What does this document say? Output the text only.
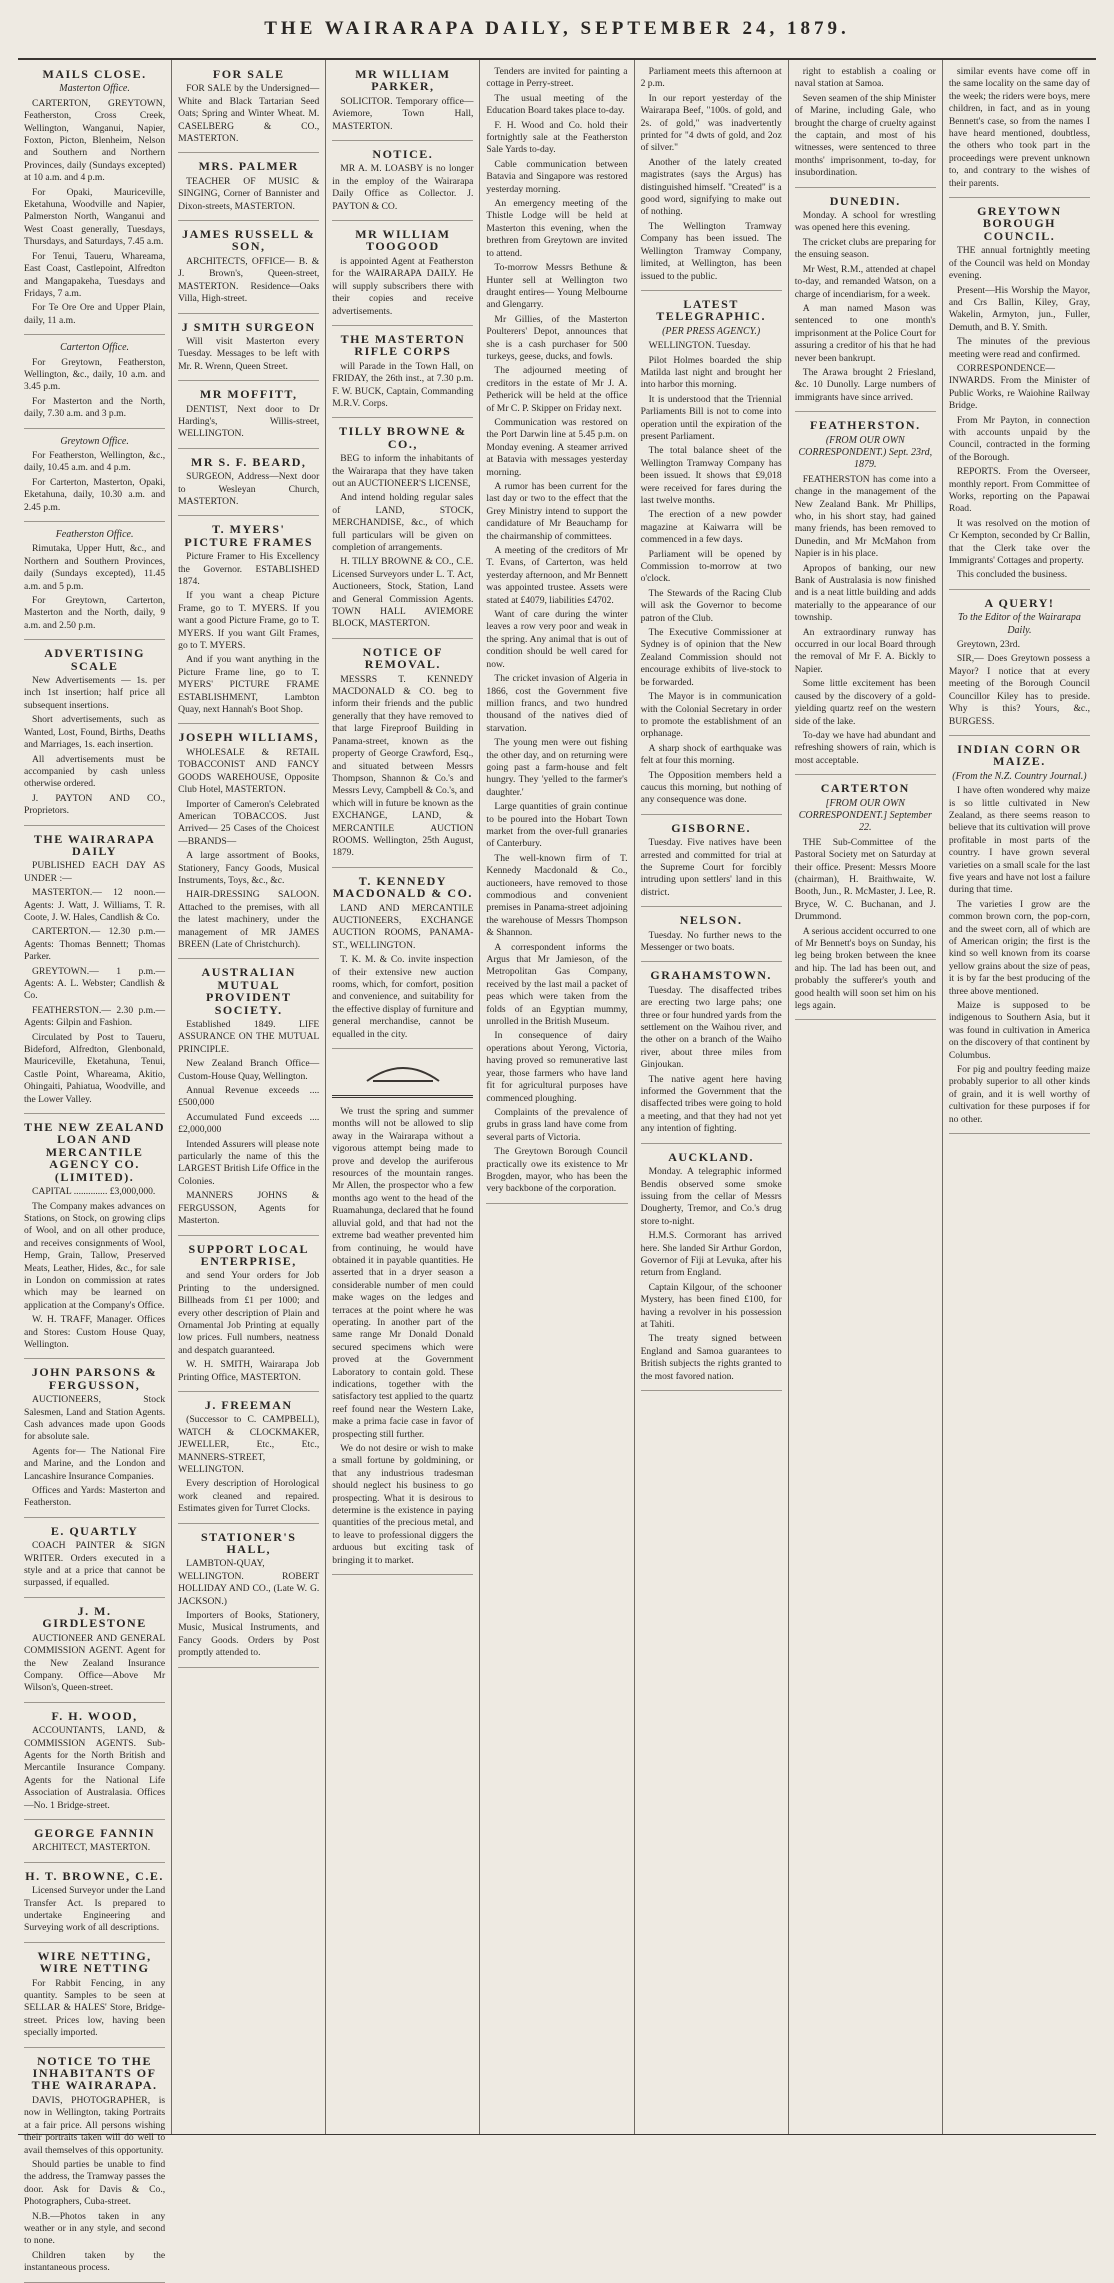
THE WAIRARAPA DAILY, SEPTEMBER 24, 1879.
MAILS CLOSE.
Masterton Office.

CARTERTON, GREYTOWN, Featherston, Cross Creek, Wellington, Wanganui, Napier, Foxton, Picton, Blenheim, Nelson and Southern and Northern Provinces, daily (Sundays excepted) at 10 a.m. and 4 p.m.

For Opaki, Mauriceville, Eketahuna, Woodville and Napier, Palmerston North, Wanganui and West Coast generally, Tuesdays, Thursdays, and Saturdays, 7.45 a.m.

For Tenui, Taueru, Whareama, East Coast, Castlepoint, Alfredton and Mangapakeha, Tuesdays and Fridays, 7 a.m.

For Te Ore Ore and Upper Plain, daily, 11 a.m.

Carterton Office.

For Greytown, Featherston, Wellington, &c., daily, 10 a.m. and 3.45 p.m.

For Masterton and the North, daily, 7.30 a.m. and 3 p.m.

Greytown Office.

For Featherston, Wellington, &c., daily, 10.45 a.m. and 4 p.m.

For Carterton, Masterton, Opaki, Eketahuna, daily, 10.30 a.m. and 2.45 p.m.

Featherston Office.

Rimutaka, Upper Hutt, &c., and Northern and Southern Provinces, daily (Sundays excepted), 11.45 a.m. and 5 p.m.

For Greytown, Carterton, Masterton and the North, daily, 9 a.m. and 2.50 p.m.

ADVERTISING SCALE

New Advertisements — 1s. per inch 1st insertion; half price all subsequent insertions.

Short advertisements, such as Wanted, Lost, Found, Births, Deaths and Marriages, 1s. each insertion.

All advertisements must be accompanied by cash unless otherwise ordered.

J. PAYTON AND CO., Proprietors.

THE WAIRARAPA DAILY

PUBLISHED EACH DAY AS UNDER :—

MASTERTON.— 12 noon.— Agents: J. Watt, J. Williams, T. R. Coote, J. W. Hales, Candlish & Co.

CARTERTON.— 12.30 p.m.— Agents: Thomas Bennett; Thomas Parker.

GREYTOWN.— 1 p.m.— Agents: A. L. Webster; Candlish & Co.

FEATHERSTON.— 2.30 p.m.— Agents: Gilpin and Fashion.

Circulated by Post to Taueru, Bideford, Alfredton, Glenbonald, Mauriceville, Eketahuna, Tenui, Castle Point, Whareama, Akitio, Ohingaiti, Pahiatua, Woodville, and the Lower Valley.

THE NEW ZEALAND LOAN AND MERCANTILE AGENCY CO. (LIMITED).

CAPITAL .............. £3,000,000.

The Company makes advances on Stations, on Stock, on growing clips of Wool, and on all other produce, and receives consignments of Wool, Hemp, Grain, Tallow, Preserved Meats, Leather, Hides, &c., for sale in London on commission at rates which may be learned on application at the Company's Office.

W. H. TRAFF, Manager. Offices and Stores: Custom House Quay, Wellington.

JOHN PARSONS & FERGUSSON,

AUCTIONEERS, Stock Salesmen, Land and Station Agents. Cash advances made upon Goods for absolute sale.

Agents for— The National Fire and Marine, and the London and Lancashire Insurance Companies.

Offices and Yards: Masterton and Featherston.

E. QUARTLY

COACH PAINTER & SIGN WRITER. Orders executed in a style and at a price that cannot be surpassed, if equalled.

J. M. GIRDLESTONE

AUCTIONEER AND GENERAL COMMISSION AGENT. Agent for the New Zealand Insurance Company. Office—Above Mr Wilson's, Queen-street.

F. H. WOOD,

ACCOUNTANTS, LAND, & COMMISSION AGENTS. Sub-Agents for the North British and Mercantile Insurance Company. Agents for the National Life Association of Australasia. Offices—No. 1 Bridge-street.

GEORGE FANNIN

ARCHITECT, MASTERTON.

H. T. BROWNE, C.E.

Licensed Surveyor under the Land Transfer Act. Is prepared to undertake Engineering and Surveying work of all descriptions.

WIRE NETTING, WIRE NETTING

For Rabbit Fencing, in any quantity. Samples to be seen at SELLAR & HALES' Store, Bridge-street. Prices low, having been specially imported.

NOTICE TO THE INHABITANTS OF THE WAIRARAPA.

DAVIS, PHOTOGRAPHER, is now in Wellington, taking Portraits at a fair price. All persons wishing their portraits taken will do well to avail themselves of this opportunity.

Should parties be unable to find the address, the Tramway passes the door. Ask for Davis & Co., Photographers, Cuba-street.

N.B.—Photos taken in any weather or in any style, and second to none.

Children taken by the instantaneous process.

FOR SALE

FOR SALE by the Undersigned— White and Black Tartarian Seed Oats; Spring and Winter Wheat. M. CASELBERG & CO., MASTERTON.

MRS. PALMER

TEACHER OF MUSIC & SINGING, Corner of Bannister and Dixon-streets, MASTERTON.

JAMES RUSSELL & SON,

ARCHITECTS, OFFICE— B. & J. Brown's, Queen-street, MASTERTON. Residence—Oaks Villa, High-street.

J SMITH SURGEON

Will visit Masterton every Tuesday. Messages to be left with Mr. R. Wrenn, Queen Street.

MR MOFFITT,

DENTIST, Next door to Dr Harding's, Willis-street, WELLINGTON.

MR S. F. BEARD,

SURGEON, Address—Next door to Wesleyan Church, MASTERTON.

T. MYERS' PICTURE FRAMES

Picture Framer to His Excellency the Governor. ESTABLISHED 1874.

If you want a cheap Picture Frame, go to T. MYERS. If you want a good Picture Frame, go to T. MYERS. If you want Gilt Frames, go to T. MYERS.

And if you want anything in the Picture Frame line, go to T. MYERS' PICTURE FRAME ESTABLISHMENT, Lambton Quay, next Hannah's Boot Shop.

JOSEPH WILLIAMS,

WHOLESALE & RETAIL TOBACCONIST AND FANCY GOODS WAREHOUSE, Opposite Club Hotel, MASTERTON.

Importer of Cameron's Celebrated American TOBACCOS. Just Arrived— 25 Cases of the Choicest —BRANDS—

A large assortment of Books, Stationery, Fancy Goods, Musical Instruments, Toys, &c., &c.

HAIR-DRESSING SALOON. Attached to the premises, with all the latest machinery, under the management of MR JAMES BREEN (Late of Christchurch).

AUSTRALIAN MUTUAL PROVIDENT SOCIETY.

Established 1849. LIFE ASSURANCE ON THE MUTUAL PRINCIPLE.

New Zealand Branch Office— Custom-House Quay, Wellington.

Annual Revenue exceeds .... £500,000

Accumulated Fund exceeds .... £2,000,000

Intended Assurers will please note particularly the name of this the LARGEST British Life Office in the Colonies.

MANNERS JOHNS & FERGUSSON, Agents for Masterton.

SUPPORT LOCAL ENTERPRISE,

and send Your orders for Job Printing to the undersigned. Billheads from £1 per 1000; and every other description of Plain and Ornamental Job Printing at equally low prices. Full numbers, neatness and despatch guaranteed.

W. H. SMITH, Wairarapa Job Printing Office, MASTERTON.

J. FREEMAN

(Successor to C. CAMPBELL), WATCH & CLOCKMAKER, JEWELLER, Etc., Etc., MANNERS-STREET, WELLINGTON.

Every description of Horological work cleaned and repaired. Estimates given for Turret Clocks.

STATIONER'S HALL,

LAMBTON-QUAY, WELLINGTON. ROBERT HOLLIDAY AND CO., (Late W. G. JACKSON.)

Importers of Books, Stationery, Music, Musical Instruments, and Fancy Goods. Orders by Post promptly attended to.

MR WILLIAM PARKER,

SOLICITOR. Temporary office—Aviemore, Town Hall, MASTERTON.

NOTICE.

MR A. M. LOASBY is no longer in the employ of the Wairarapa Daily Office as Collector. J. PAYTON & CO.

MR WILLIAM TOOGOOD

is appointed Agent at Featherston for the WAIRARAPA DAILY. He will supply subscribers there with their copies and receive advertisements.

THE MASTERTON RIFLE CORPS

will Parade in the Town Hall, on FRIDAY, the 26th inst., at 7.30 p.m. F. W. BUCK, Captain, Commanding M.R.V. Corps.

TILLY BROWNE & CO.,

BEG to inform the inhabitants of the Wairarapa that they have taken out an AUCTIONEER'S LICENSE,

And intend holding regular sales of LAND, STOCK, MERCHANDISE, &c., of which full particulars will be given on completion of arrangements.

H. TILLY BROWNE & CO., C.E. Licensed Surveyors under L. T. Act, Auctioneers, Stock, Station, Land and General Commission Agents. TOWN HALL AVIEMORE BLOCK, MASTERTON.

NOTICE OF REMOVAL.

MESSRS T. KENNEDY MACDONALD & CO. beg to inform their friends and the public generally that they have removed to that large Fireproof Building in Panama-street, known as the property of George Crawford, Esq., and situated between Messrs Thompson, Shannon & Co.'s and Messrs Levy, Campbell & Co.'s, and which will in future be known as the EXCHANGE, LAND, & MERCANTILE AUCTION ROOMS. Wellington, 25th August, 1879.

T. KENNEDY MACDONALD & CO.

LAND AND MERCANTILE AUCTIONEERS, EXCHANGE AUCTION ROOMS, PANAMA-ST., WELLINGTON.

T. K. M. & Co. invite inspection of their extensive new auction rooms, which, for comfort, position and convenience, and suitability for the effective display of furniture and general merchandise, cannot be equalled in the city.

We trust the spring and summer months will not be allowed to slip away in the Wairarapa without a vigorous attempt being made to prove and develop the auriferous resources of the mountain ranges. Mr Allen, the prospector who a few months ago went to the head of the Ruamahunga, declared that he found alluvial gold, and that had not the extreme bad weather prevented him from continuing, he would have obtained it in payable quantities. He asserted that in a dryer season a considerable number of men could make wages on the ledges and terraces at the point where he was operating. In another part of the same range Mr Donald Donald secured specimens which were proved at the Government Laboratory to contain gold. These indications, together with the satisfactory test applied to the quartz reef found near the Western Lake, make a prima facie case in favor of prospecting still further.

We do not desire or wish to make a small fortune by goldmining, or that any industrious tradesman should neglect his business to go prospecting. What it is desirous to determine is the existence in paying quantities of the precious metal, and to leave to professional diggers the arduous but exciting task of bringing it to market.

Tenders are invited for painting a cottage in Perry-street.

The usual meeting of the Education Board takes place to-day.

F. H. Wood and Co. hold their fortnightly sale at the Featherston Sale Yards to-day.

Cable communication between Batavia and Singapore was restored yesterday morning.

An emergency meeting of the Thistle Lodge will be held at Masterton this evening, when the brethren from Greytown are invited to attend.

To-morrow Messrs Bethune & Hunter sell at Wellington two draught entires— Young Melbourne and Glengarry.

Mr Gillies, of the Masterton Poulterers' Depot, announces that she is a cash purchaser for 500 turkeys, geese, ducks, and fowls.

The adjourned meeting of creditors in the estate of Mr J. A. Petherick will be held at the office of Mr C. P. Skipper on Friday next.

Communication was restored on the Port Darwin line at 5.45 p.m. on Monday evening. A steamer arrived at Batavia with messages yesterday morning.

A rumor has been current for the last day or two to the effect that the Grey Ministry intend to support the candidature of Mr Beauchamp for the chairmanship of committees.

A meeting of the creditors of Mr T. Evans, of Carterton, was held yesterday afternoon, and Mr Bennett was appointed trustee. Assets were stated at £4079, liabilities £4702.

Want of care during the winter leaves a row very poor and weak in the spring. Any animal that is out of condition should be well cared for now.

The cricket invasion of Algeria in 1866, cost the Government five million francs, and two hundred thousand of the natives died of starvation.

The young men were out fishing the other day, and on returning were going past a farm-house and felt hungry. They 'yelled to the farmer's daughter.'

Large quantities of grain continue to be poured into the Hobart Town market from the over-full granaries of Canterbury.

The well-known firm of T. Kennedy Macdonald & Co., auctioneers, have removed to those commodious and convenient premises in Panama-street adjoining the warehouse of Messrs Thompson & Shannon.

A correspondent informs the Argus that Mr Jamieson, of the Metropolitan Gas Company, received by the last mail a packet of peas which were taken from the folds of an Egyptian mummy, unrolled in the British Museum.

In consequence of dairy operations about Yerong, Victoria, having proved so remunerative last year, those farmers who have land fit for agricultural purposes have commenced ploughing.

Complaints of the prevalence of grubs in grass land have come from several parts of Victoria.

The Greytown Borough Council practically owe its existence to Mr Brogden, mayor, who has been the very backbone of the corporation.

Parliament meets this afternoon at 2 p.m.

In our report yesterday of the Wairarapa Beef, "100s. of gold, and 2s. of gold," was inadvertently printed for "4 dwts of gold, and 2oz of silver."

Another of the lately created magistrates (says the Argus) has distinguished himself. "Created" is a good word, signifying to make out of nothing.

The Wellington Tramway Company has been issued. The Wellington Tramway Company, limited, at Wellington, has been issued to the public.

LATEST TELEGRAPHIC.
(PER PRESS AGENCY.)

WELLINGTON. Tuesday.

Pilot Holmes boarded the ship Matilda last night and brought her into harbor this morning.

It is understood that the Triennial Parliaments Bill is not to come into operation until the expiration of the present Parliament.

The total balance sheet of the Wellington Tramway Company has been issued. It shows that £9,018 were received for fares during the last twelve months.

The erection of a new powder magazine at Kaiwarra will be commenced in a few days.

Parliament will be opened by Commission to-morrow at two o'clock.

The Stewards of the Racing Club will ask the Governor to become patron of the Club.

The Executive Commissioner at Sydney is of opinion that the New Zealand Commission should not encourage exhibits of live-stock to be forwarded.

The Mayor is in communication with the Colonial Secretary in order to promote the establishment of an orphanage.

A sharp shock of earthquake was felt at four this morning.

The Opposition members held a caucus this morning, but nothing of any consequence was done.

GISBORNE.

Tuesday. Five natives have been arrested and committed for trial at the Supreme Court for forcibly intruding upon settlers' land in this district.

NELSON.

Tuesday. No further news to the Messenger or two boats.

GRAHAMSTOWN.

Tuesday. The disaffected tribes are erecting two large pahs; one three or four hundred yards from the settlement on the Waihou river, and the other on a branch of the Waiho river, about three miles from Ginjoukan.

The native agent here having informed the Government that the disaffected tribes were going to hold a meeting, and that they had not yet any intention of fighting.

AUCKLAND.

Monday. A telegraphic informed Bendis observed some smoke issuing from the cellar of Messrs Dougherty, Tremor, and Co.'s drug store to-night.

H.M.S. Cormorant has arrived here. She landed Sir Arthur Gordon, Governor of Fiji at Levuka, after his return from England.

Captain Kilgour, of the schooner Mystery, has been fined £100, for having a revolver in his possession at Tahiti.

The treaty signed between England and Samoa guarantees to British subjects the rights granted to the most favored nation.

right to establish a coaling or naval station at Samoa.

Seven seamen of the ship Minister of Marine, including Gale, who brought the charge of cruelty against the captain, and most of his witnesses, were sentenced to three months' imprisonment, to-day, for insubordination.

DUNEDIN.

Monday. A school for wrestling was opened here this evening.

The cricket clubs are preparing for the ensuing season.

Mr West, R.M., attended at chapel to-day, and remanded Watson, on a charge of incendiarism, for a week.

A man named Mason was sentenced to one month's imprisonment at the Police Court for assuring a creditor of his that he had never been bankrupt.

The Arawa brought 2 Friesland, &c. 10 Dunolly. Large numbers of immigrants have since arrived.

FEATHERSTON.
(FROM OUR OWN CORRESPONDENT.) Sept. 23rd, 1879.

FEATHERSTON has come into a change in the management of the New Zealand Bank. Mr Phillips, who, in his short stay, had gained many friends, has been removed to Dunedin, and Mr McMahon from Napier is in his place.

Apropos of banking, our new Bank of Australasia is now finished and is a neat little building and adds materially to the appearance of our township.

An extraordinary runway has occurred in our local Board through the removal of Mr F. A. Bickly to Napier.

Some little excitement has been caused by the discovery of a gold-yielding quartz reef on the western side of the lake.

To-day we have had abundant and refreshing showers of rain, which is most acceptable.

CARTERTON
[FROM OUR OWN CORRESPONDENT.] September 22.

THE Sub-Committee of the Pastoral Society met on Saturday at their office. Present: Messrs Moore (chairman), H. Braithwaite, W. Booth, Jun., R. McMaster, J. Lee, R. Bryce, W. C. Buchanan, and J. Drummond.

A serious accident occurred to one of Mr Bennett's boys on Sunday, his leg being broken between the knee and hip. The lad has been out, and probably the sufferer's youth and good health will soon set him on his legs again.

similar events have come off in the same locality on the same day of the week; the riders were boys, mere children, in fact, and as in young Bennett's case, so from the names I have heard mentioned, doubtless, the others who took part in the proceedings were prevent unknown to, and contrary to the wishes of their parents.

GREYTOWN BOROUGH COUNCIL.

THE annual fortnightly meeting of the Council was held on Monday evening.

Present—His Worship the Mayor, and Crs Ballin, Kiley, Gray, Wakelin, Armyton, jun., Fuller, Demuth, and B. Y. Smith.

The minutes of the previous meeting were read and confirmed.

CORRESPONDENCE—INWARDS. From the Minister of Public Works, re Waiohine Railway Bridge.

From Mr Payton, in connection with accounts unpaid by the Council, contracted in the forming of the Borough.

REPORTS. From the Overseer, monthly report. From Committee of Works, reporting on the Papawai Road.

It was resolved on the motion of Cr Kempton, seconded by Cr Ballin, that the Clerk take over the Immigrants' Cottages and property.

This concluded the business.

A QUERY!
To the Editor of the Wairarapa Daily.

Greytown, 23rd.

SIR,— Does Greytown possess a Mayor? I notice that at every meeting of the Borough Council Councillor Kiley has to preside. Why is this? Yours, &c., BURGESS.

INDIAN CORN OR MAIZE.
(From the N.Z. Country Journal.)

I have often wondered why maize is so little cultivated in New Zealand, as there seems reason to believe that its cultivation will prove profitable in most parts of the country. I have grown several varieties on a small scale for the last five years and have not lost a failure during that time.

The varieties I grow are the common brown corn, the pop-corn, and the sweet corn, all of which are of American origin; the first is the kind so well known from its coarse yellow grains about the size of peas, it is by far the best producing of the three above mentioned.

Maize is supposed to be indigenous to Southern Asia, but it was found in cultivation in America on the discovery of that continent by Columbus.

For pig and poultry feeding maize probably superior to all other kinds of grain, and it is well worthy of cultivation for these purposes if for no other.
